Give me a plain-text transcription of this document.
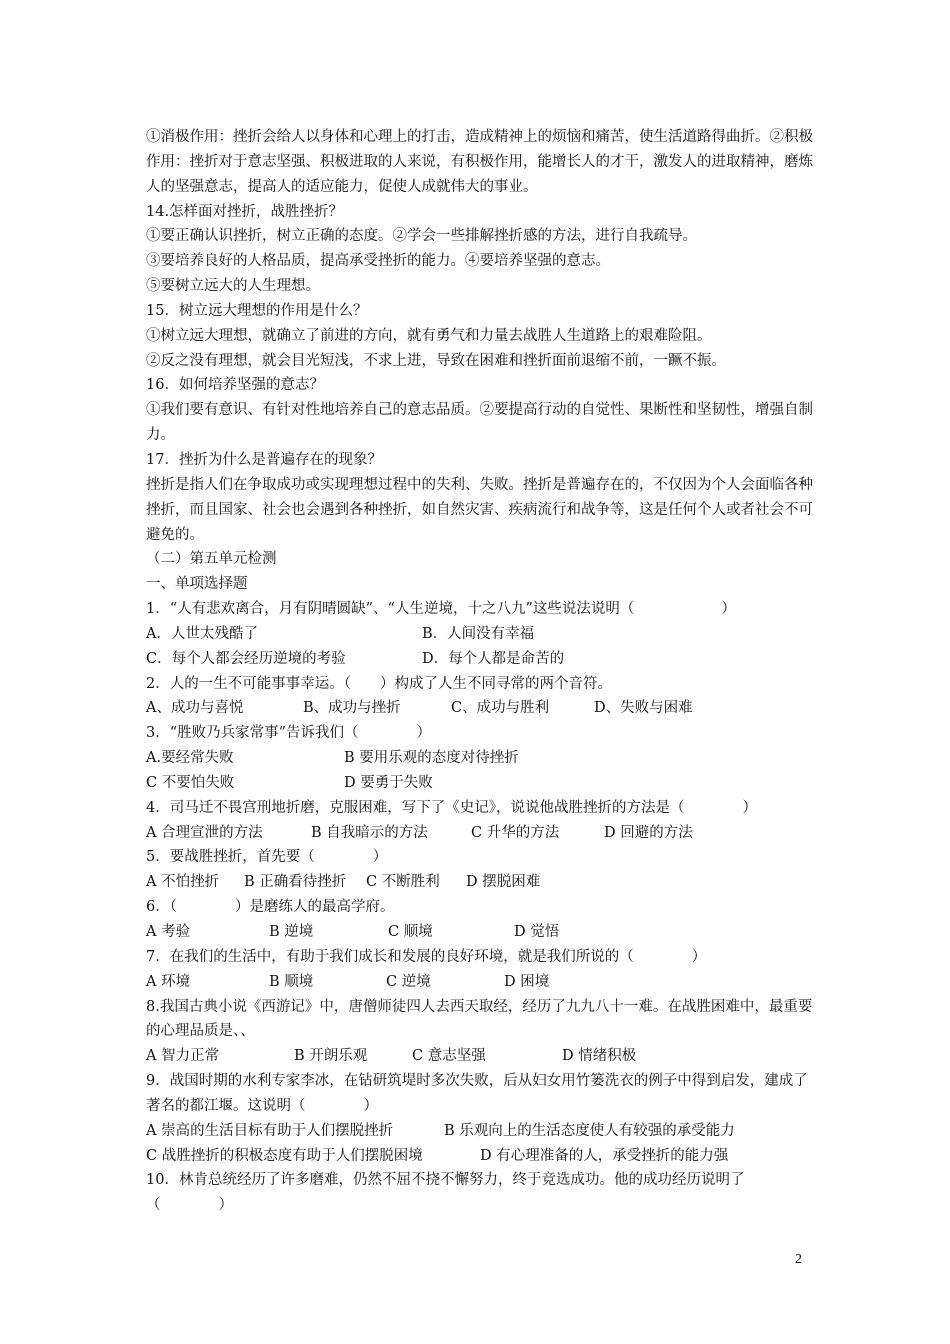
①消极作用：挫折会给人以身体和心理上的打击，造成精神上的烦恼和痛苦，使生活道路得曲折。②积极作用：挫折对于意志坚强、积极进取的人来说，有积极作用，能增长人的才干，激发人的进取精神，磨炼人的坚强意志，提高人的适应能力，促使人成就伟大的事业。
14.怎样面对挫折，战胜挫折？
①要正确认识挫折，树立正确的态度。②学会一些排解挫折感的方法，进行自我疏导。
③要培养良好的人格品质，提高承受挫折的能力。④要培养坚强的意志。
⑤要树立远大的人生理想。
15．树立远大理想的作用是什么？
①树立远大理想，就确立了前进的方向，就有勇气和力量去战胜人生道路上的艰难险阻。
②反之没有理想，就会目光短浅，不求上进，导致在困难和挫折面前退缩不前，一蹶不振。
16．如何培养坚强的意志？
①我们要有意识、有针对性地培养自己的意志品质。②要提高行动的自觉性、果断性和坚韧性，增强自制力。
17．挫折为什么是普遍存在的现象？
挫折是指人们在争取成功或实现理想过程中的失利、失败。挫折是普遍存在的，不仅因为个人会面临各种挫折，而且国家、社会也会遇到各种挫折，如自然灾害、疾病流行和战争等，这是任何个人或者社会不可避免的。
（二）第五单元检测
一、单项选择题
1．“人有悲欢离合，月有阴晴圆缺”、“人生逆境，十之八九”这些说法说明（　　　　　　）
A．人世太残酷了	B．人间没有幸福
C．每个人都会经历逆境的考验	D．每个人都是命苦的
2．人的一生不可能事事幸运。（　　）构成了人生不同寻常的两个音符。
A、成功与喜悦	B、成功与挫折	C、成功与胜利	D、失败与困难
3．“胜败乃兵家常事”告诉我们（　　　　）
A.要经常失败	B 要用乐观的态度对待挫折
C 不要怕失败	D 要勇于失败
4．司马迁不畏宫刑地折磨，克服困难，写下了《史记》，说说他战胜挫折的方法是（　　　　）
A 合理宣泄的方法	B 自我暗示的方法	C 升华的方法	D 回避的方法
5．要战胜挫折，首先要（　　　　）
A 不怕挫折	B 正确看待挫折	C 不断胜利	D 摆脱困难
6．（　　　　）是磨练人的最高学府。
A 考验	B 逆境	C 顺境	D 觉悟
7．在我们的生活中，有助于我们成长和发展的良好环境，就是我们所说的（　　　　）
A 环境	B 顺境	C 逆境	D 困境
8.我国古典小说《西游记》中，唐僧师徒四人去西天取经，经历了九九八十一难。在战胜困难中，最重要的心理品质是、、
A 智力正常	B 开朗乐观	C 意志坚强	D 情绪积极
9．战国时期的水利专家李冰，在钻研筑堤时多次失败，后从妇女用竹篓洗衣的例子中得到启发，建成了著名的都江堰。这说明（　　　　）
A 崇高的生活目标有助于人们摆脱挫折	B 乐观向上的生活态度使人有较强的承受能力
C 战胜挫折的积极态度有助于人们摆脱困境	D 有心理准备的人，承受挫折的能力强
10．林肯总统经历了许多磨难，仍然不屈不挠不懈努力，终于竞选成功。他的成功经历说明了（　　　　）
2
